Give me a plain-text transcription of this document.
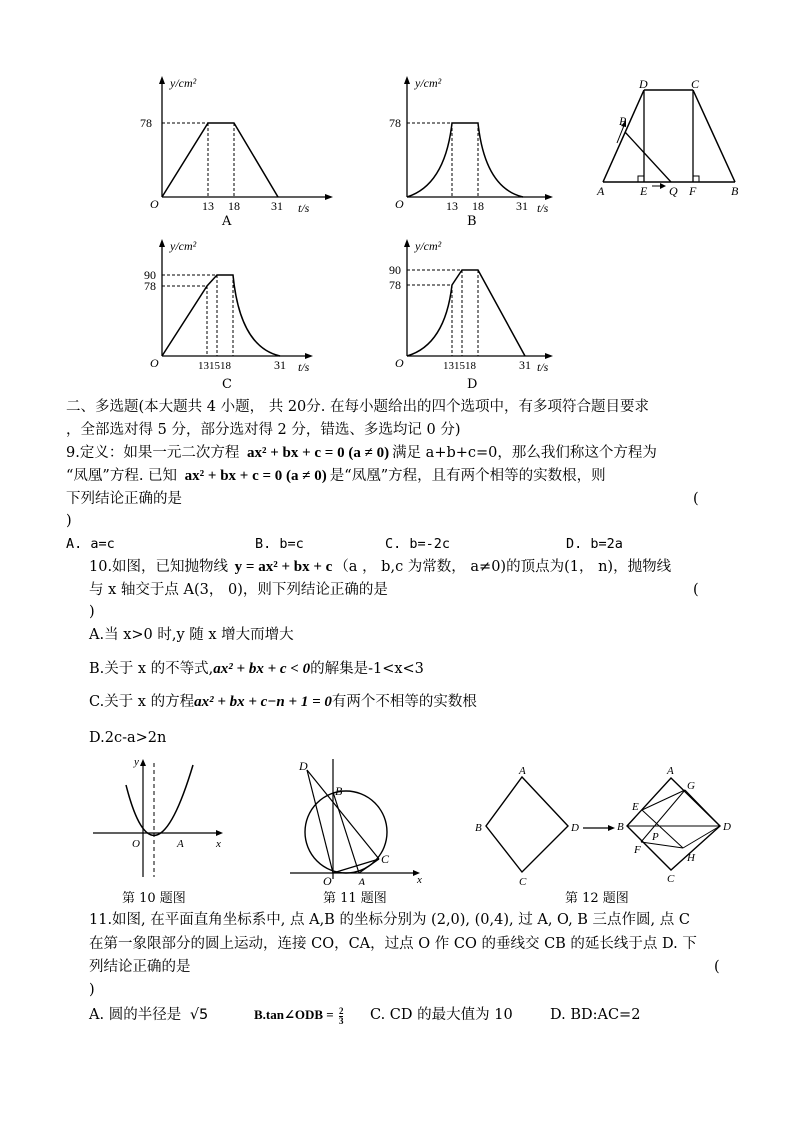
y/cm²
t/s
O
78
13 18	31
A
y/cm²
t/s
O
78
13 18	31
B
D	C
P
A	E Q F	B
y/cm²
t/s
O
90
78
131518	31
C
y/cm²
t/s
O
90
78
131518	31
D
二、多选题(本大题共 4 小题， 共 20分. 在每小题给出的四个选项中，有多项符合题目要求
，全部选对得 5 分，部分选对得 2 分，错选、多选均记 0 分)
9.定义：如果一元二次方程 ax² + bx + c = 0 (a ≠ 0) 满足 a+b+c=0，那么我们称这个方程为
“凤凰”方程. 已知 ax² + bx + c = 0 (a ≠ 0) 是“凤凰”方程，且有两个相等的实数根，则
下列结论正确的是	(
)
A. a=c	B. b=c	C. b=-2c	D. b=2a
10.如图，已知抛物线 y = ax² + bx + c （a ， b,c 为常数， a≠0)的顶点为(1， n)，抛物线
与 x 轴交于点 A(3， 0)，则下列结论正确的是	(
)
A.当 x>0 时,y 随 x 增大而增大
B.关于 x 的不等式,ax² + bx + c < 0的解集是-1<x<3
C.关于 x 的方程ax² + bx + c−n + 1 = 0有两个不相等的实数根
D.2c-a>2n
y
O	A	x
第 10 题图
D
B
C
O A	x
第 11 题图
A
B
C
D
A
G
E
B
P
D
F
H
C
第 12 题图
11.如图, 在平面直角坐标系中, 点 A,B 的坐标分别为 (2,0), (0,4), 过 A, O, B 三点作圆, 点 C
在第一象限部分的圆上运动，连接 CO，CA，过点 O 作 CO 的垂线交 CB 的延长线于点 D. 下
列结论正确的是	(
)
A. 圆的半径是 √5	B.tan∠ODB = $\frac{2}{3} C$. CD 的最大值为 10	D. BD:AC=2
